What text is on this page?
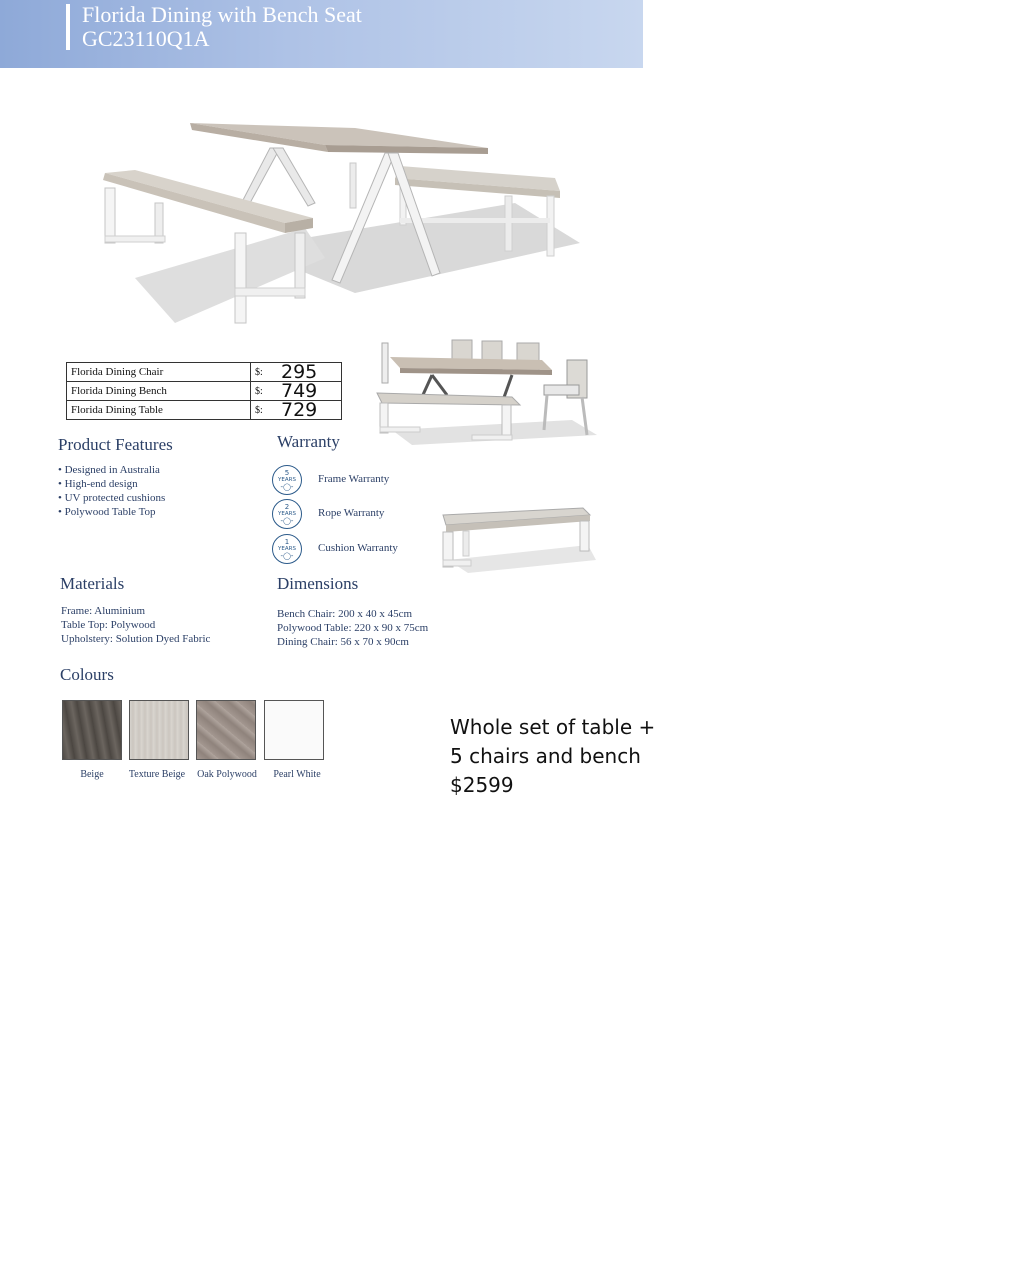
Florida Dining with Bench Seat
GC23110Q1A
Florida Dining Chair	$:	295
Florida Dining Bench	$:	749
Florida Dining Table	$:	729
Product Features
• Designed in Australia
• High-end design
• UV protected cushions
• Polywood Table Top
Warranty
5
YEARS
-◯-
Frame Warranty
2
YEARS
-◯-
Rope Warranty
1
YEARS
-◯-
Cushion Warranty
Materials
Frame: Aluminium
Table Top: Polywood
Upholstery: Solution Dyed Fabric
Dimensions
Bench Chair: 200 x 40 x 45cm
Polywood Table: 220 x 90 x 75cm
Dining Chair: 56 x 70 x 90cm
Colours
Beige	Texture Beige	Oak Polywood	Pearl White
Whole set of table +
5 chairs and bench
$2599
